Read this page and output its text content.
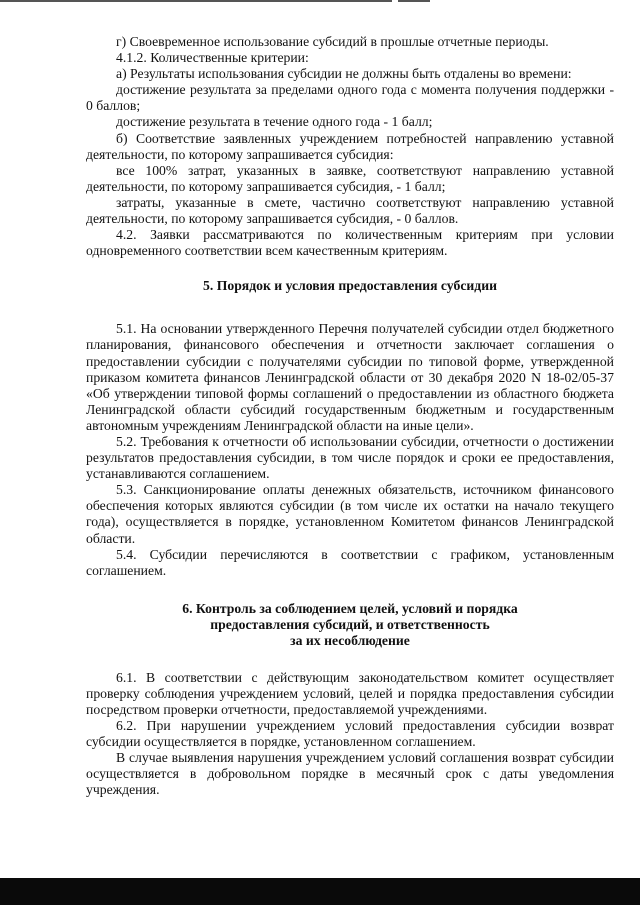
г) Своевременное использование субсидий в прошлые отчетные периоды.

4.1.2. Количественные критерии:

а) Результаты использования субсидии не должны быть отдалены во времени:

достижение результата за пределами одного года с момента получения поддержки - 0 баллов;

достижение результата в течение одного года - 1 балл;

б) Соответствие заявленных учреждением потребностей направлению уставной деятельности, по которому запрашивается субсидия:

все 100% затрат, указанных в заявке, соответствуют направлению уставной деятельности, по которому запрашивается субсидия, - 1 балл;

затраты, указанные в смете, частично соответствуют направлению уставной деятельности, по которому запрашивается субсидия, - 0 баллов.

4.2. Заявки рассматриваются по количественным критериям при условии одновременного соответствии всем качественным критериям.

5. Порядок и условия предоставления субсидии

5.1. На основании утвержденного Перечня получателей субсидии отдел бюджетного планирования, финансового обеспечения и отчетности заключает соглашения о предоставлении субсидии с получателями субсидии по типовой форме, утвержденной приказом комитета финансов Ленинградской области от 30 декабря 2020 N 18-02/05-37 «Об утверждении типовой формы соглашений о предоставлении из областного бюджета Ленинградской области субсидий государственным бюджетным и государственным автономным учреждениям Ленинградской области на иные цели».

5.2. Требования к отчетности об использовании субсидии, отчетности о достижении результатов предоставления субсидии, в том числе порядок и сроки ее предоставления, устанавливаются соглашением.

5.3. Санкционирование оплаты денежных обязательств, источником финансового обеспечения которых являются субсидии (в том числе их остатки на начало текущего года), осуществляется в порядке, установленном Комитетом финансов Ленинградской области.

5.4. Субсидии перечисляются в соответствии с графиком, установленным соглашением.

6. Контроль за соблюдением целей, условий и порядка
предоставления субсидий, и ответственность
за их несоблюдение

6.1. В соответствии с действующим законодательством комитет осуществляет проверку соблюдения учреждением условий, целей и порядка предоставления субсидии посредством проверки отчетности, предоставляемой учреждениями.

6.2. При нарушении учреждением условий предоставления субсидии возврат субсидии осуществляется в порядке, установленном соглашением.

В случае выявления нарушения учреждением условий соглашения возврат субсидии осуществляется в добровольном порядке в месячный срок с даты уведомления учреждения.
